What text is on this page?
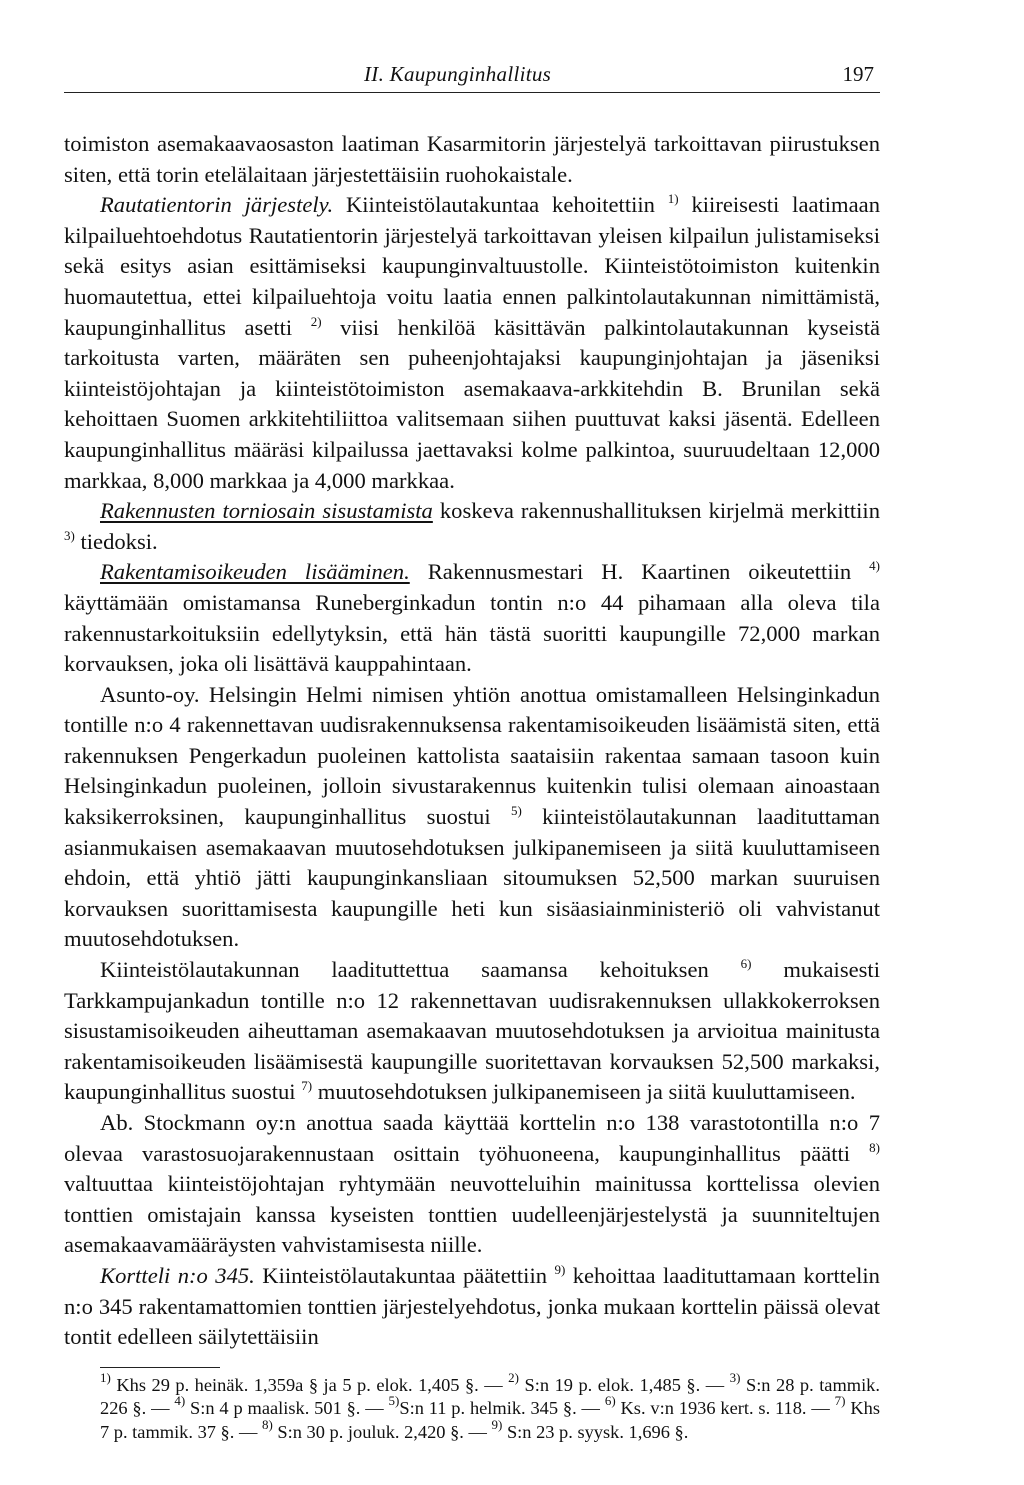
II. Kaupunginhallitus	197

toimiston asemakaavaosaston laatiman Kasarmitorin järjestelyä tarkoittavan piirustuksen siten, että torin etelälaitaan järjestettäisiin ruohokaistale.

Rautatientorin järjestely. Kiinteistölautakuntaa kehoitettiin $^{1)}$ kiireisesti laatimaan kilpailuehtoehdotus Rautatientorin järjestelyä tarkoittavan yleisen kilpailun julistamiseksi sekä esitys asian esittämiseksi kaupunginvaltuustolle. Kiinteistötoimiston kuitenkin huomautettua, ettei kilpailuehtoja voitu laatia ennen palkintolautakunnan nimittämistä, kaupunginhallitus asetti $^{2)}$ viisi henkilöä käsittävän palkintolautakunnan kyseistä tarkoitusta varten, määräten sen puheenjohtajaksi kaupunginjohtajan ja jäseniksi kiinteistöjohtajan ja kiinteistötoimiston asemakaava-arkkitehdin B. Brunilan sekä kehoittaen Suomen arkkitehtiliittoa valitsemaan siihen puuttuvat kaksi jäsentä. Edelleen kaupunginhallitus määräsi kilpailussa jaettavaksi kolme palkintoa, suuruudeltaan 12,000 markkaa, 8,000 markkaa ja 4,000 markkaa.

Rakennusten torniosain sisustamista koskeva rakennushallituksen kirjelmä merkittiin $^{3)}$ tiedoksi.

Rakentamisoikeuden lisääminen. Rakennusmestari H. Kaartinen oikeutettiin $^{4)}$ käyttämään omistamansa Runeberginkadun tontin n:o 44 pihamaan alla oleva tila rakennustarkoituksiin edellytyksin, että hän tästä suoritti kaupungille 72,000 markan korvauksen, joka oli lisättävä kauppahintaan.

Asunto-oy. Helsingin Helmi nimisen yhtiön anottua omistamalleen Helsinginkadun tontille n:o 4 rakennettavan uudisrakennuksensa rakentamisoikeuden lisäämistä siten, että rakennuksen Pengerkadun puoleinen kattolista saataisiin rakentaa samaan tasoon kuin Helsinginkadun puoleinen, jolloin sivustarakennus kuitenkin tulisi olemaan ainoastaan kaksikerroksinen, kaupunginhallitus suostui $^{5)}$ kiinteistölautakunnan laadituttaman asianmukaisen asemakaavan muutosehdotuksen julkipanemiseen ja siitä kuuluttamiseen ehdoin, että yhtiö jätti kaupunginkansliaan sitoumuksen 52,500 markan suuruisen korvauksen suorittamisesta kaupungille heti kun sisäasiainministeriö oli vahvistanut muutosehdotuksen.

Kiinteistölautakunnan laadituttettua saamansa kehoituksen $^{6)}$ mukaisesti Tarkkampujankadun tontille n:o 12 rakennettavan uudisrakennuksen ullakkokerroksen sisustamisoikeuden aiheuttaman asemakaavan muutosehdotuksen ja arvioitua mainitusta rakentamisoikeuden lisäämisestä kaupungille suoritettavan korvauksen 52,500 markaksi, kaupunginhallitus suostui $^{7)}$ muutosehdotuksen julkipanemiseen ja siitä kuuluttamiseen.

Ab. Stockmann oy:n anottua saada käyttää korttelin n:o 138 varastotontilla n:o 7 olevaa varastosuojarakennustaan osittain työhuoneena, kaupunginhallitus päätti $^{8)}$ valtuuttaa kiinteistöjohtajan ryhtymään neuvotteluihin mainitussa korttelissa olevien tonttien omistajain kanssa kyseisten tonttien uudelleenjärjestelystä ja suunniteltujen asemakaavamääräysten vahvistamisesta niille.

Kortteli n:o 345. Kiinteistölautakuntaa päätettiin $^{9)}$ kehoittaa laadituttamaan korttelin n:o 345 rakentamattomien tonttien järjestelyehdotus, jonka mukaan korttelin päissä olevat tontit edelleen säilytettäisiin

$^{1)}$ Khs 29 p. heinäk. 1,359a § ja 5 p. elok. 1,405 §. — $^{2)}$ S:n 19 p. elok. 1,485 §. — $^{3)}$ S:n 28 p. tammik. 226 §. — $^{4)}$ S:n 4 p maalisk. 501 §. — $^{5)}$S:n 11 p. helmik. 345 §. — $^{6)}$ Ks. v:n 1936 kert. s. 118. — $^{7)}$ Khs 7 p. tammik. 37 §. — $^{8)}$ S:n 30 p. jouluk. 2,420 §. — $^{9)}$ S:n 23 p. syysk. 1,696 §.
